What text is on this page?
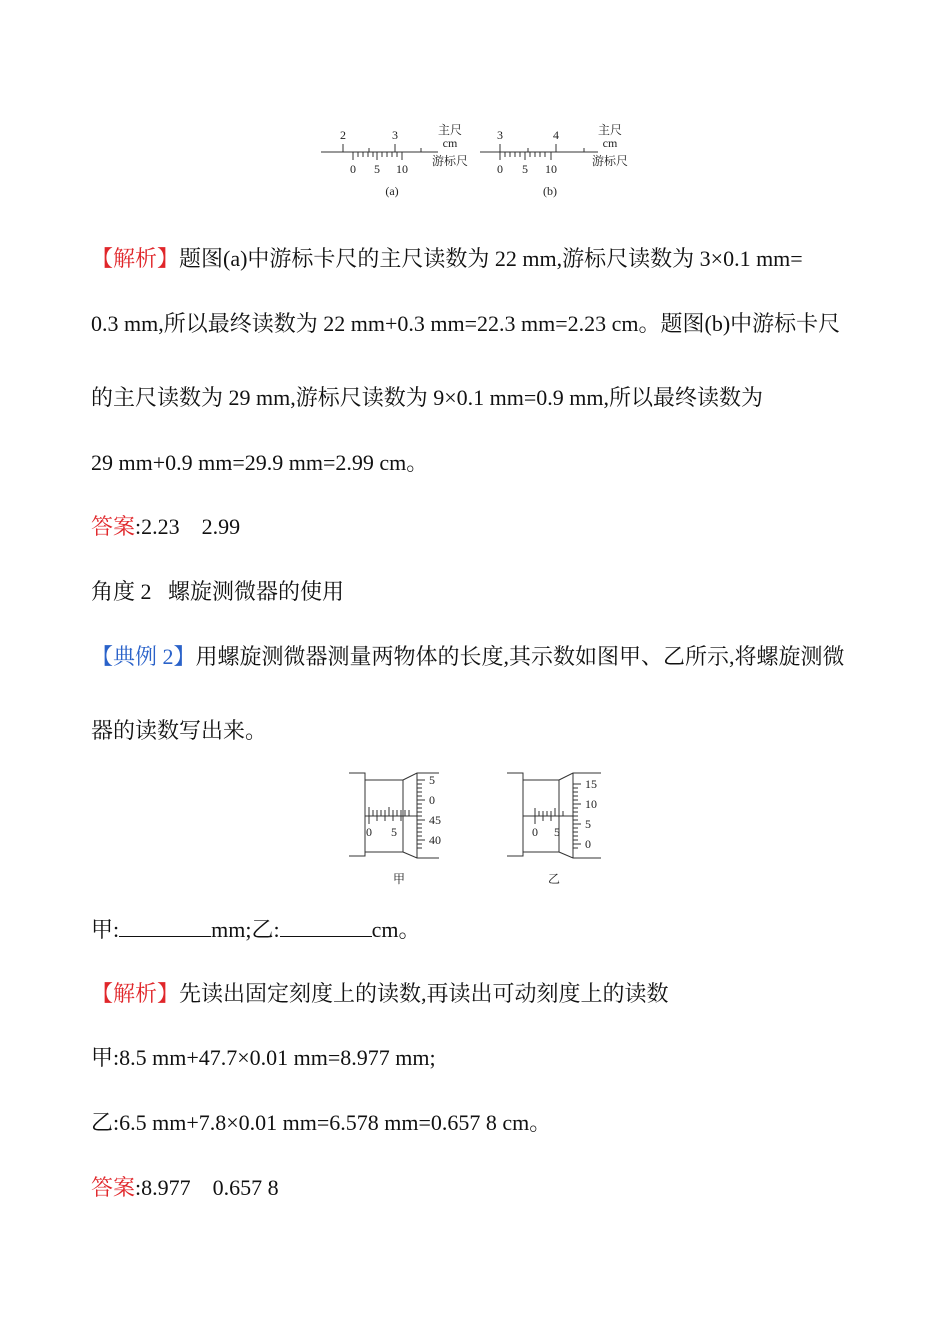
2	3
0 5 10
(a)
主尺
cm
游标尺
3	4
0 5 10
(b)
主尺
cm
游标尺
【解析】题图(a)中游标卡尺的主尺读数为 22 mm,游标尺读数为 3×0.1 mm=
0.3 mm,所以最终读数为 22 mm+0.3 mm=22.3 mm=2.23 cm。题图(b)中游标卡尺
的主尺读数为 29 mm,游标尺读数为 9×0.1 mm=0.9 mm,所以最终读数为
29 mm+0.9 mm=29.9 mm=2.99 cm。
答案:2.23    2.99
角度 2   螺旋测微器的使用
【典例 2】用螺旋测微器测量两物体的长度,其示数如图甲、乙所示,将螺旋测微
器的读数写出来。
0 5
5
0
45
40
甲
0 5
15
10
5
0
乙
甲:	mm;乙:	cm。
【解析】先读出固定刻度上的读数,再读出可动刻度上的读数
甲:8.5 mm+47.7×0.01 mm=8.977 mm;
乙:6.5 mm+7.8×0.01 mm=6.578 mm=0.657 8 cm。
答案:8.977    0.657 8
